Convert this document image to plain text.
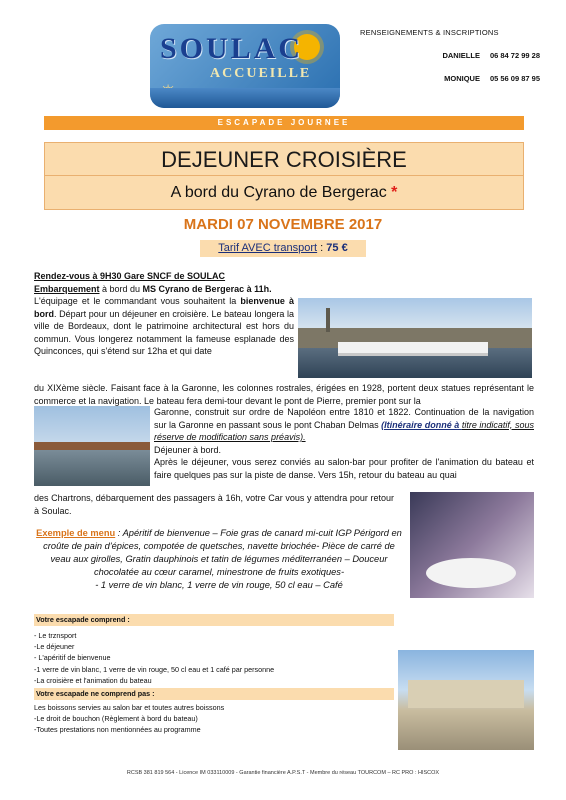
SOULAC
ACCUEILLE
RENSEIGNEMENTS & INSCRIPTIONS
DANIELLE 06 84 72 99 28
MONIQUE 05 56 09 87 95
ESCAPADE JOURNEE
DEJEUNER CROISIÈRE
A bord du Cyrano de Bergerac *
MARDI 07 NOVEMBRE 2017
Tarif AVEC transport : 75 €
Rendez-vous à 9H30 Gare SNCF de SOULAC
Embarquement à bord du MS Cyrano de Bergerac à 11h.
L'équipage et le commandant vous souhaitent la bienvenue à bord. Départ pour un déjeuner en croisière. Le bateau longera la ville de Bordeaux, dont le patrimoine architectural est hors du commun. Vous longerez notamment la fameuse esplanade des Quinconces, qui s'étend sur 12ha et qui date
du XIXème siècle. Faisant face à la Garonne, les colonnes rostrales, érigées en 1928, portent deux statues représentant le commerce et la navigation. Le bateau fera demi-tour devant le pont de Pierre, premier pont sur la
Garonne, construit sur ordre de Napoléon entre 1810 et 1822. Continuation de la navigation sur la Garonne en passant sous le pont Chaban Delmas (Itinéraire donné à titre indicatif, sous réserve de modification sans préavis).
Déjeuner à bord.
Après le déjeuner, vous serez conviés au salon-bar pour profiter de l'animation du bateau et faire quelques pas sur la piste de danse. Vers 15h, retour du bateau au quai
des Chartrons, débarquement des passagers à 16h, votre Car vous y attendra pour retour à Soulac.
Exemple de menu : Apéritif de bienvenue – Foie gras de canard mi-cuit IGP Périgord en croûte de pain d'épices, compotée de quetsches, navette briochée- Pièce de carré de veau aux girolles, Gratin dauphinois et tatin de légumes méditerranéen – Douceur chocolatée au cœur caramel, minestrone de fruits exotiques-
- 1 verre de vin blanc, 1 verre de vin rouge, 50 cl eau – Café
Votre escapade comprend :
- Le trznsport
-Le déjeuner
- L'apéritif de bienvenue
-1 verre de vin blanc, 1 verre de vin rouge, 50 cl eau et 1 café par personne
-La croisière et l'animation du bateau
Votre escapade ne comprend pas :
Les boissons servies au salon bar et toutes autres boissons
-Le droit de bouchon (Règlement à bord du bateau)
-Toutes prestations non mentionnées au programme
RCSB 381 819 564 - Licence IM 033110009 - Garantie financière A.P.S.T - Membre du réseau TOURCOM – RC PRO : HISCOX
